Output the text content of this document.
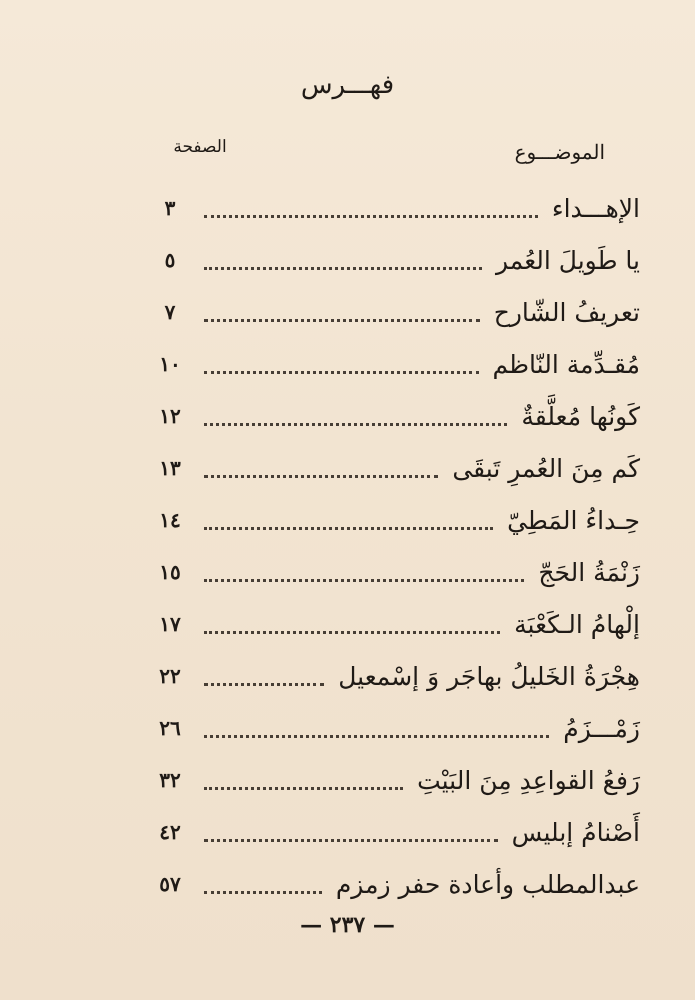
فهـــرس
الموضـــوع
الصفحة
الإهـــداء
٣
يا طَويلَ العُمر
٥
تعريفُ الشّارح
٧
مُقـدِّمة النّاظم
١٠
كَونُها مُعلَّقةٌ
١٢
كَم مِنَ العُمرِ تَبقَى
١٣
حِـداءُ المَطِيّ
١٤
زَنْمَةُ الحَجّ
١٥
إلْهامُ الـكَعْبَة
١٧
هِجْرَةُ الخَليلُ بهاجَر وَ إسْمعيل
٢٢
زَمْـــزَمُ
٢٦
رَفعُ القواعِدِ مِنَ البَيْتِ
٣٢
أَصْنامُ إبليس
٤٢
عبدالمطلب وأعادة حفر زمزم
٥٧
— ٢٣٧ —
